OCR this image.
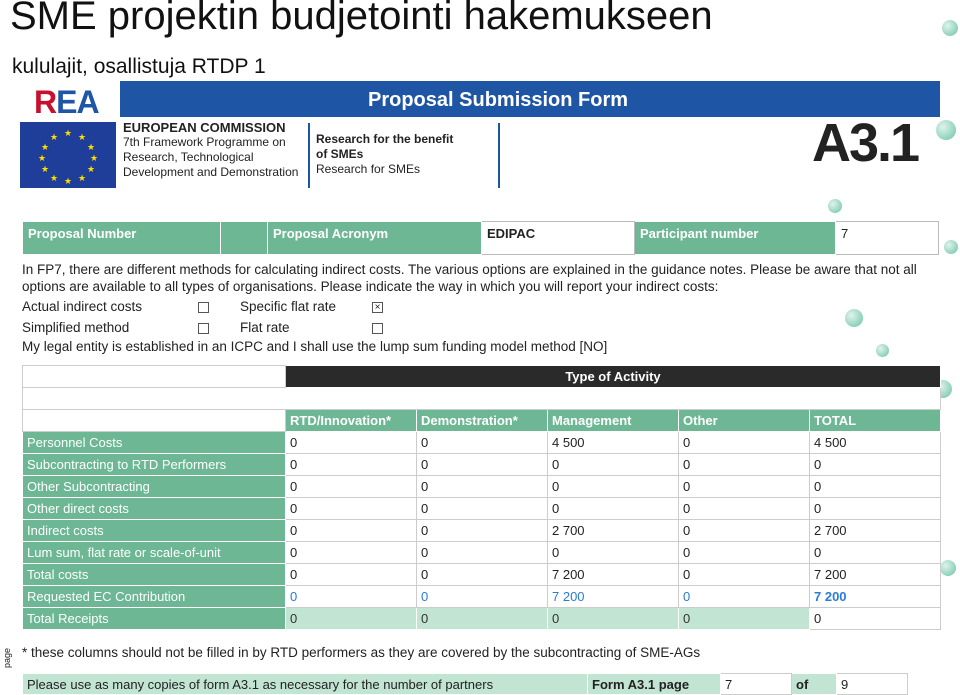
SME projektin budjetointi hakemukseen
kululajit, osallistuja RTDP 1
Proposal Submission Form
REA
★ ★
★
★
★
★
★
★
★
★
★
★
EUROPEAN COMMISSION
7th Framework Programme on
Research, Technological
Development and Demonstration
Research for the benefit
of SMEs
Research for SMEs	A3.1
Proposal Number		Proposal Acronym	EDIPAC	Participant number	7
In FP7, there are different methods for calculating indirect costs. The various options are explained in the guidance notes. Please be aware that not all options are available to all types of organisations. Please indicate the way in which you will report your indirect costs:
Actual indirect costs	Specific flat rate	×
Simplified method	Flat rate
My legal entity is established in an ICPC and I shall use the lump sum funding model method [NO]
	Type of Activity				

	RTD/Innovation*	Demonstration*	Management	Other	TOTAL
Personnel Costs	0	0	4 500	0	4 500
Subcontracting to RTD Performers	0	0	0	0	0
Other Subcontracting	0	0	0	0	0
Other direct costs	0	0	0	0	0
Indirect costs	0	0	2 700	0	2 700
Lum sum, flat rate or scale-of-unit	0	0	0	0	0
Total costs	0	0	7 200	0	7 200
Requested EC Contribution	0	0	7 200	0	7 200
Total Receipts	0	0	0	0	0
* these columns should not be filled in by RTD performers as they are covered by the subcontracting of SME-AGs
Please use as many copies of form A3.1 as necessary for the number of partners	Form A3.1 page	7	of	9
page
